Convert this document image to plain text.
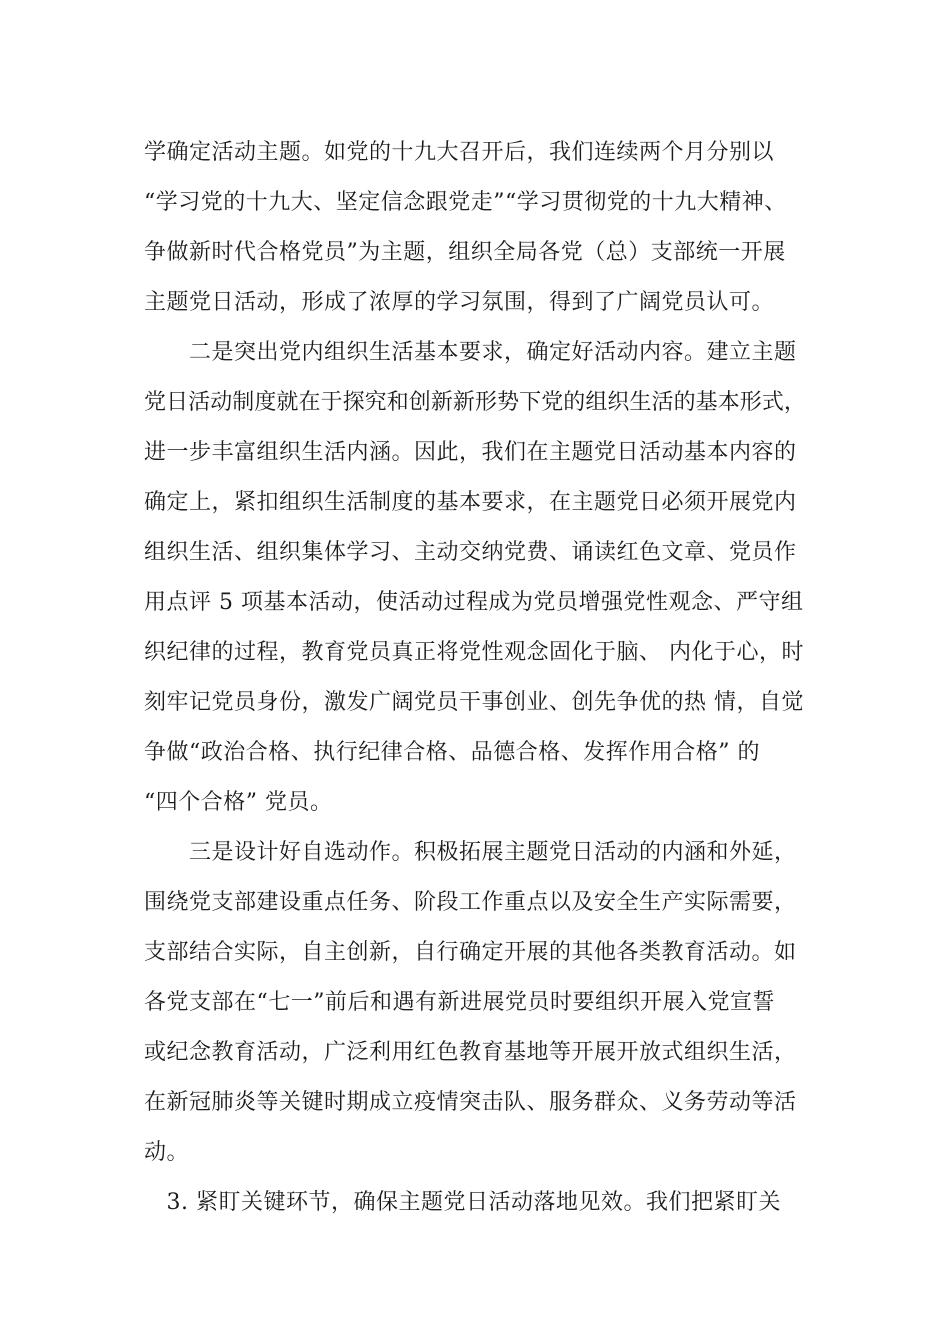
学确定活动主题。如党的十九大召开后，我们连续两个月分别以
“学习党的十九大、坚定信念跟党走”“学习贯彻党的十九大精神、
争做新时代合格党员”为主题，组织全局各党（总）支部统一开展
主题党日活动，形成了浓厚的学习氛围，得到了广阔党员认可。
　　二是突出党内组织生活基本要求，确定好活动内容。建立主题
党日活动制度就在于探究和创新新形势下党的组织生活的基本形式，
进一步丰富组织生活内涵。因此，我们在主题党日活动基本内容的
确定上，紧扣组织生活制度的基本要求，在主题党日必须开展党内
组织生活、组织集体学习、主动交纳党费、诵读红色文章、党员作
用点评 5 项基本活动，使活动过程成为党员增强党性观念、严守组
织纪律的过程，教育党员真正将党性观念固化于脑、 内化于心，时
刻牢记党员身份，激发广阔党员干事创业、创先争优的热 情，自觉
争做“政治合格、执行纪律合格、品德合格、发挥作用合格” 的
“四个合格” 党员。
　　三是设计好自选动作。积极拓展主题党日活动的内涵和外延，
围绕党支部建设重点任务、阶段工作重点以及安全生产实际需要，
支部结合实际，自主创新，自行确定开展的其他各类教育活动。如
各党支部在“七一”前后和遇有新进展党员时要组织开展入党宣誓
或纪念教育活动，广泛利用红色教育基地等开展开放式组织生活，
在新冠肺炎等关键时期成立疫情突击队、服务群众、义务劳动等活
动。
　3. 紧盯关键环节，确保主题党日活动落地见效。我们把紧盯关
